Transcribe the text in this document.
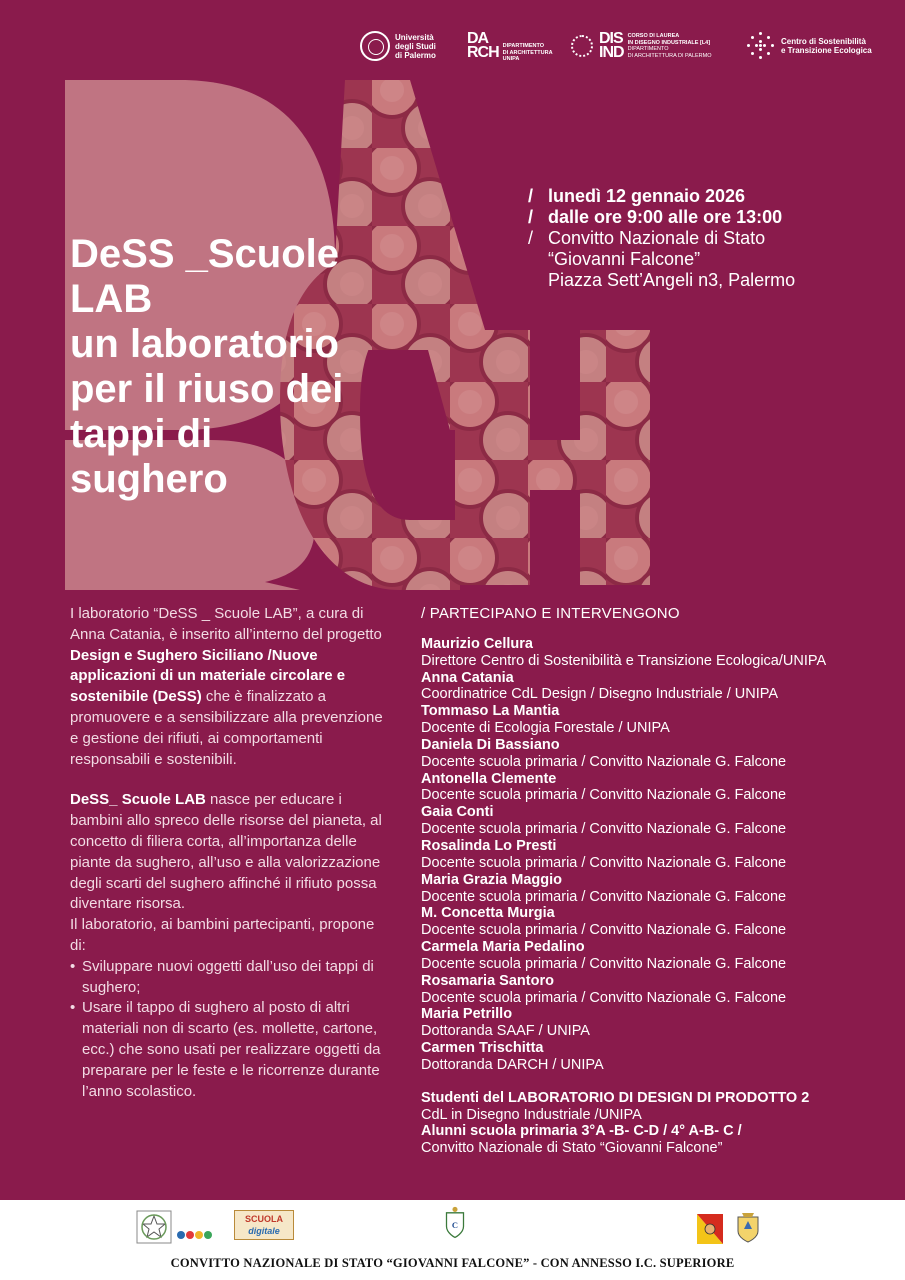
Università
degli Studi
di Palermo
DA
RCH DIPARTIMENTO
DI ARCHITETTURA
UNIPA
DIS
IND
CORSO DI LAUREA
IN DISEGNO INDUSTRIALE [L4]
DIPARTIMENTO
DI ARCHITETTURA DI PALERMO
Centro di Sostenibilità
e Transizione Ecologica
DeSS _Scuole
LAB
un laboratorio
per il riuso dei
tappi di
sughero
/ lunedì 12 gennaio 2026
/ dalle ore 9:00 alle ore 13:00
/ Convitto Nazionale di Stato
“Giovanni Falcone”
Piazza Sett’Angeli n3, Palermo

I laboratorio “DeSS _ Scuole LAB”, a cura di Anna Catania, è inserito all’interno del progetto Design e Sughero Siciliano /Nuove applicazioni di un materiale circolare e sostenibile (DeSS) che è finalizzato a promuovere e a sensibilizzare alla prevenzione e gestione dei rifiuti, ai comportamenti responsabili e sostenibili.

DeSS_ Scuole LAB nasce per educare i bambini allo spreco delle risorse del pianeta, al concetto di filiera corta, all’importanza delle piante da sughero, all’uso e alla valorizzazione degli scarti del sughero affinché il rifiuto possa diventare risorsa.

Il laboratorio, ai bambini partecipanti, propone di:

• Sviluppare nuovi oggetti dall’uso dei tappi di sughero;

• Usare il tappo di sughero al posto di altri materiali non di scarto (es. mollette, cartone, ecc.) che sono usati per realizzare oggetti da preparare per le feste e le ricorrenze durante l’anno scolastico.

/ PARTECIPANO E INTERVENGONO
Maurizio Cellura
Direttore Centro di Sostenibilità e Transizione Ecologica/UNIPA
Anna Catania
Coordinatrice CdL Design / Disegno Industriale / UNIPA
Tommaso La Mantia
Docente di Ecologia Forestale / UNIPA
Daniela Di Bassiano
Docente scuola primaria / Convitto Nazionale G. Falcone
Antonella Clemente
Docente scuola primaria / Convitto Nazionale G. Falcone
Gaia Conti
Docente scuola primaria / Convitto Nazionale G. Falcone
Rosalinda Lo Presti
Docente scuola primaria / Convitto Nazionale G. Falcone
Maria Grazia Maggio
Docente scuola primaria / Convitto Nazionale G. Falcone
M. Concetta Murgia
Docente scuola primaria / Convitto Nazionale G. Falcone
Carmela Maria Pedalino
Docente scuola primaria / Convitto Nazionale G. Falcone
Rosamaria Santoro
Docente scuola primaria / Convitto Nazionale G. Falcone
Maria Petrillo
Dottoranda SAAF / UNIPA
Carmen Trischitta
Dottoranda DARCH / UNIPA
Studenti del LABORATORIO DI DESIGN DI PRODOTTO 2
CdL in Disegno Industriale /UNIPA
Alunni scuola primaria 3°A -B- C-D / 4° A-B- C /
Convitto Nazionale di Stato “Giovanni Falcone”
SCUOLA
digitale
C
CONVITTO NAZIONALE DI STATO “GIOVANNI FALCONE” - CON ANNESSO I.C. SUPERIORE
